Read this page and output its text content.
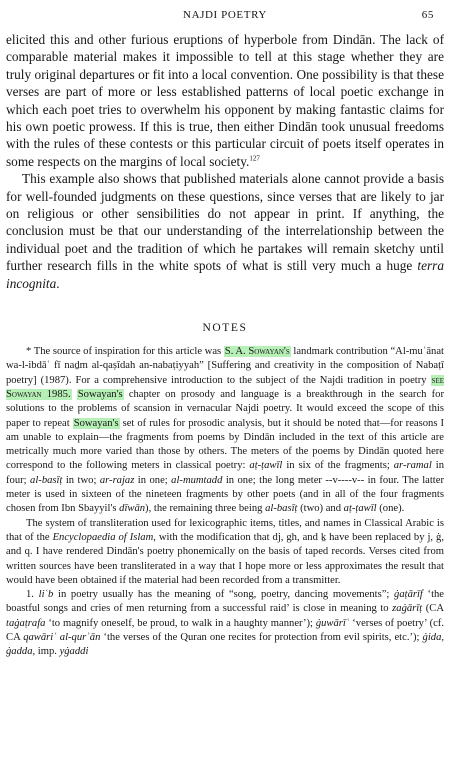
NAJDI POETRY	65

elicited this and other furious eruptions of hyperbole from Dindān. The lack of comparable material makes it impossible to tell at this stage whether they are truly original departures or fit into a local convention. One possibility is that these verses are part of more or less established patterns of local poetic exchange in which each poet tries to overwhelm his opponent by making fantastic claims for his own poetic prowess. If this is true, then either Dindān took unusual freedoms with the rules of these contests or this particular circuit of poets itself operates in some respects on the margins of local society.$^{127}$

This example also shows that published materials alone cannot provide a basis for well-founded judgments on these questions, since verses that are likely to jar on religious or other sensibilities do not appear in print. If anything, the conclusion must be that our understanding of the interrelationship between the individual poet and the tradition of which he partakes will remain sketchy until further research fills in the white spots of what is still very much a huge terra incognita.

NOTES

* The source of inspiration for this article was S. A. Sowayan's landmark contribution “Al-muʿānat wa-l-ibdāʿ fī naḏm al-qaṣīdah an-nabaṭiyyah” [Suffering and creativity in the composition of Nabaṭī poetry] (1987). For a comprehensive introduction to the subject of the Najdi tradition in poetry see Sowayan 1985. Sowayan's chapter on prosody and language is a breakthrough in the search for solutions to the problems of scansion in vernacular Najdi poetry. It would exceed the scope of this paper to repeat Sowayan's set of rules for prosodic analysis, but it should be noted that—for reasons I am unable to explain—the fragments from poems by Dindān included in the text of this article are metrically much more varied than those by others. The meters of the poems by Dindān quoted here correspond to the following meters in classical poetry: aṭ-ṭawīl in six of the fragments; ar-ramal in four; al-basīṭ in two; ar-rajaz in one; al-mumtadd in one; the long meter --v----v-- in four. The latter meter is used in sixteen of the nineteen fragments by other poets (and in all of the four fragments chosen from Ibn Sbayyil's dīwān), the remaining three being al-basīṭ (two) and aṭ-ṭawīl (one).

The system of transliteration used for lexicographic items, titles, and names in Classical Arabic is that of the Encyclopaedia of Islam, with the modification that dj, gh, and ḵ have been replaced by j, ġ, and q. I have rendered Dindān's poetry phonemically on the basis of taped records. Verses cited from written sources have been transliterated in a way that I hope more or less approximates the result that would have been obtained if the material had been recorded from a transmitter.

1. liʿb in poetry usually has the meaning of “song, poetry, dancing movements”; ġaṭārīf ‘the boastful songs and cries of men returning from a successful raid’ is close in meaning to zaġārīṭ (CA taġaṭrafa ‘to magnify oneself, be proud, to walk in a haughty manner’); ġuwārīʿ ‘verses of poetry’ (cf. CA qawāriʿ al-qurʾān ‘the verses of the Quran one recites for protection from evil spirits, etc.’); ġida, ġadda, imp. yġaddi
